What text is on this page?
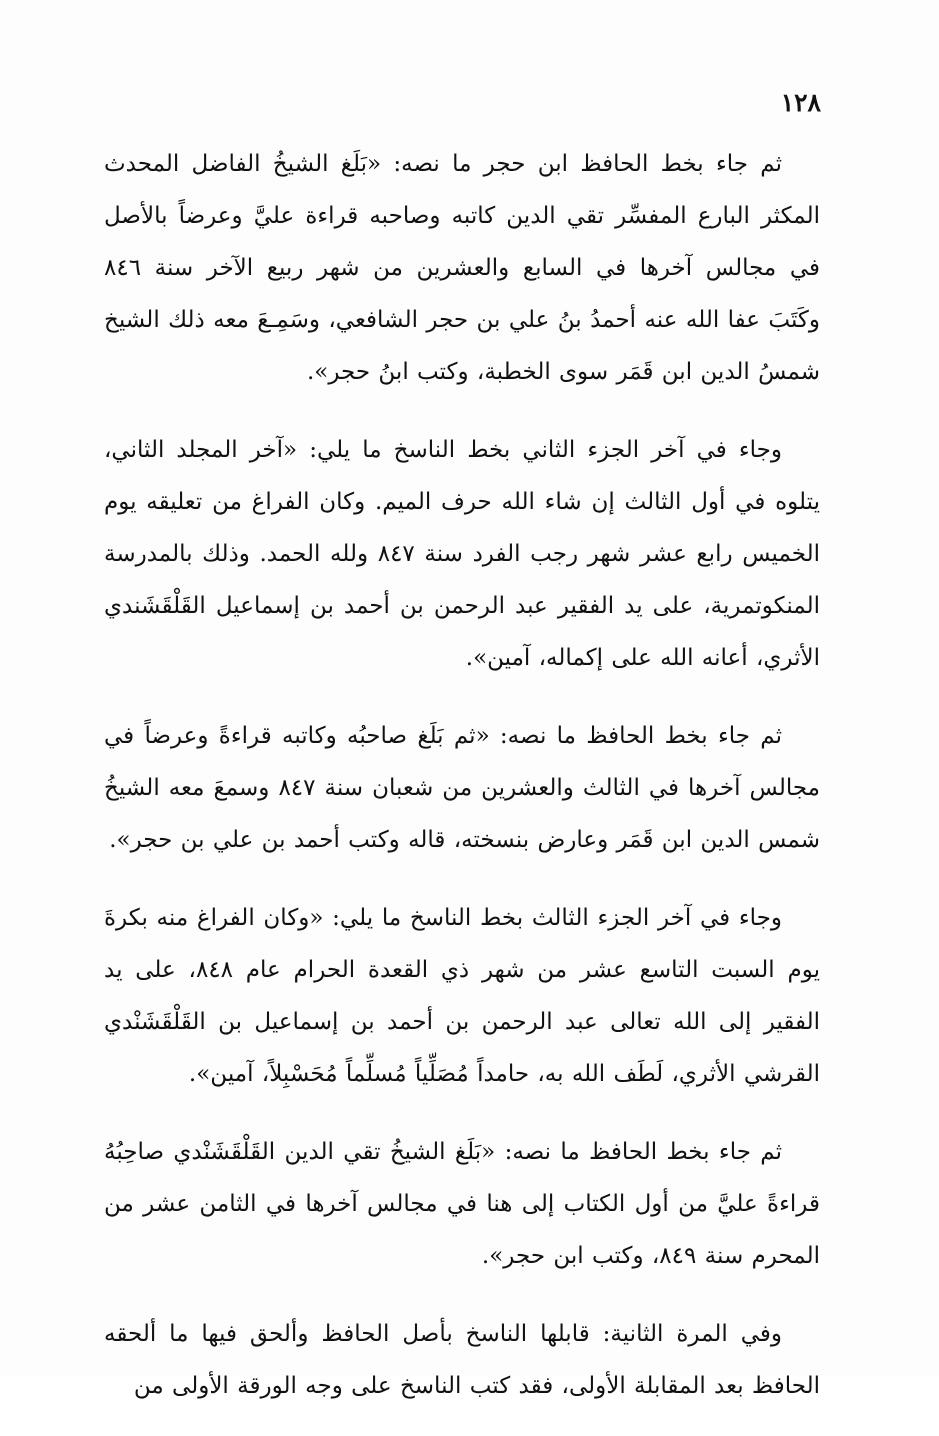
١٢٨

ثم جاء بخط الحافظ ابن حجر ما نصه: «بَلَغ الشيخُ الفاضل المحدث المكثر البارع المفسِّر تقي الدين كاتبه وصاحبه قراءة عليَّ وعرضاً بالأصل في مجالس آخرها في السابع والعشرين من شهر ربيع الآخر سنة ٨٤٦ وكَتَبَ عفا الله عنه أحمدُ بنُ علي بن حجر الشافعي، وسَمِـعَ معه ذلك الشيخ شمسُ الدين ابن قَمَر سوى الخطبة، وكتب ابنُ حجر».

وجاء في آخر الجزء الثاني بخط الناسخ ما يلي: «آخر المجلد الثاني، يتلوه في أول الثالث إن شاء الله حرف الميم. وكان الفراغ من تعليقه يوم الخميس رابع عشر شهر رجب الفرد سنة ٨٤٧ ولله الحمد. وذلك بالمدرسة المنكوتمرية، على يد الفقير عبد الرحمن بن أحمد بن إسماعيل القَلْقَشَندي الأثري، أعانه الله على إكماله، آمين».

ثم جاء بخط الحافظ ما نصه: «ثم بَلَغ صاحبُه وكاتبه قراءةً وعرضاً في مجالس آخرها في الثالث والعشرين من شعبان سنة ٨٤٧ وسمعَ معه الشيخُ شمس الدين ابن قَمَر وعارض بنسخته، قاله وكتب أحمد بن علي بن حجر».

وجاء في آخر الجزء الثالث بخط الناسخ ما يلي: «وكان الفراغ منه بكرةَ يوم السبت التاسع عشر من شهر ذي القعدة الحرام عام ٨٤٨، على يد الفقير إلى الله تعالى عبد الرحمن بن أحمد بن إسماعيل بن القَلْقَشَنْدي القرشي الأثري، لَطَف الله به، حامداً مُصَلِّياً مُسلِّماً مُحَسْبِلاً، آمين».

ثم جاء بخط الحافظ ما نصه: «بَلَغ الشيخُ تقي الدين القَلْقَشَنْدي صاحِبُهُ قراءةً عليَّ من أول الكتاب إلى هنا في مجالس آخرها في الثامن عشر من المحرم سنة ٨٤٩، وكتب ابن حجر».

وفي المرة الثانية: قابلها الناسخ بأصل الحافظ وألحق فيها ما ألحقه الحافظ بعد المقابلة الأولى، فقد كتب الناسخ على وجه الورقة الأولى من
